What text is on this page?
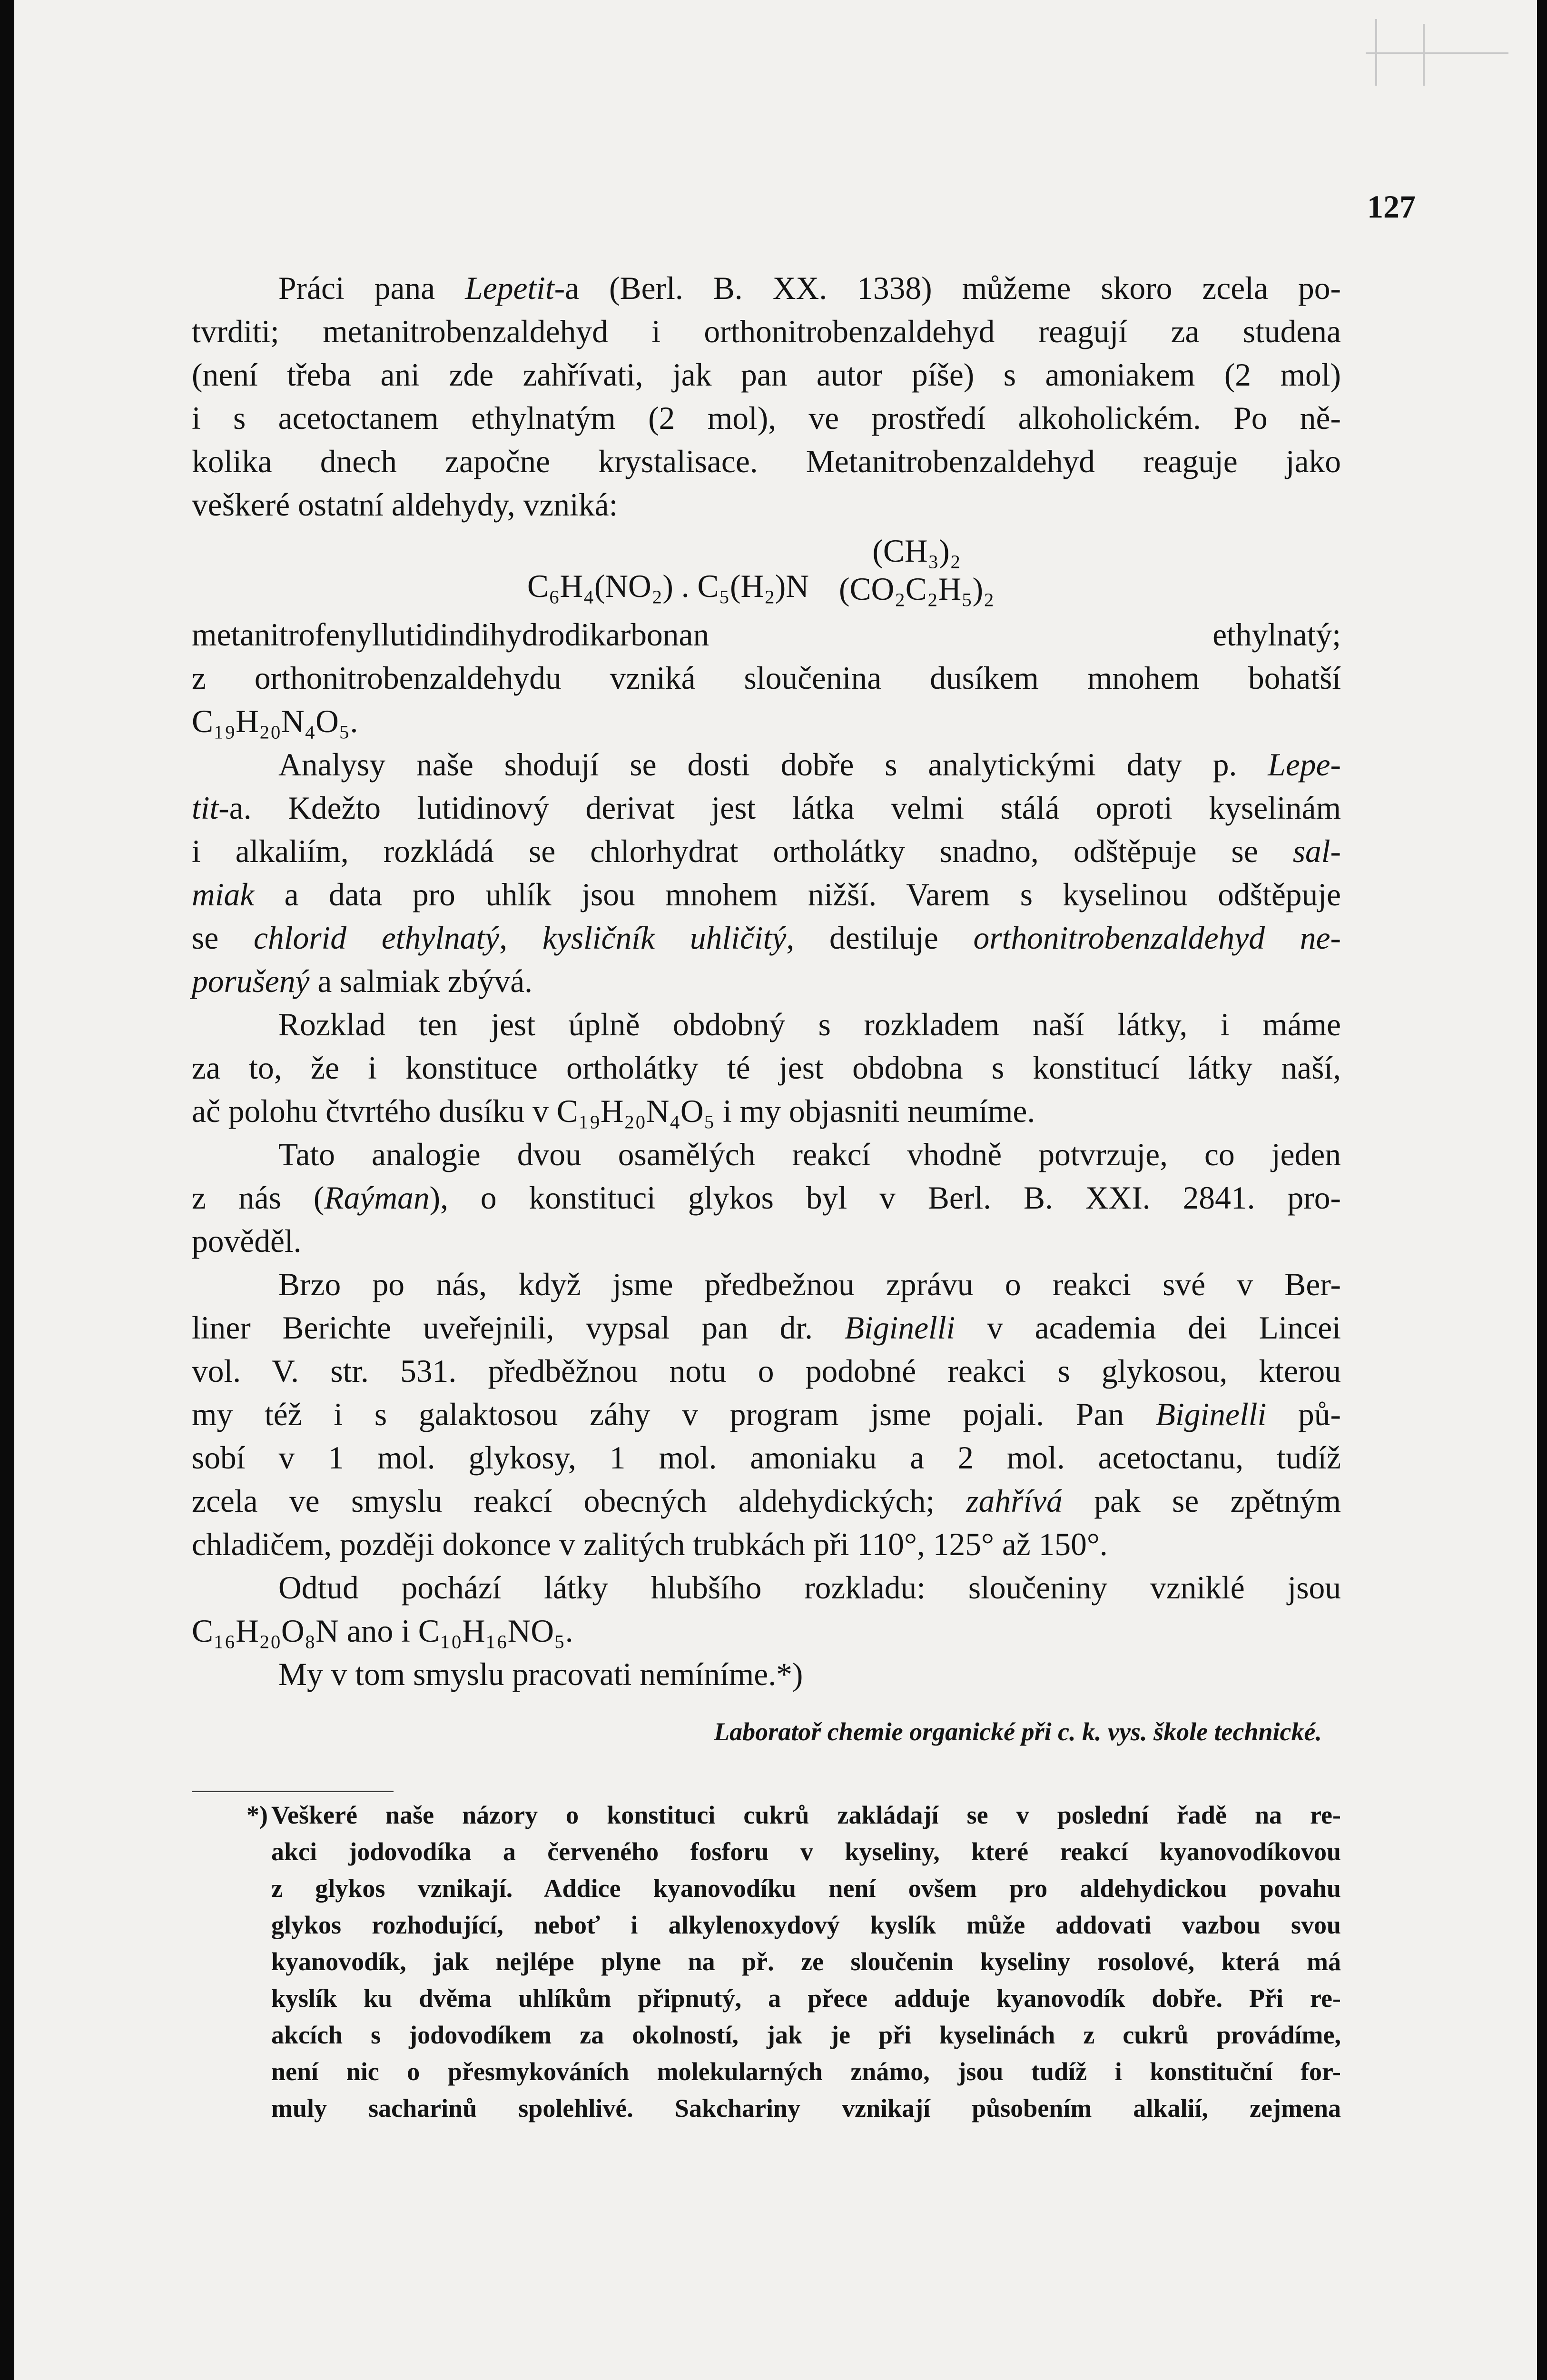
127

Práci pana Lepetit-a (Berl. B. XX. 1338) můžeme skoro zcela po-

tvrditi; metanitrobenzaldehyd i orthonitrobenzaldehyd reagují za studena

(není třeba ani zde zahřívati, jak pan autor píše) s amoniakem (2 mol)

i s acetoctanem ethylnatým (2 mol), ve prostředí alkoholickém. Po ně-

kolika dnech započne krystalisace. Metanitrobenzaldehyd reaguje jako

veškeré ostatní aldehydy, vzniká:

C₆H₄(NO₂) . C₅(H₂)N
(CH₃)₂
(CO₂C₂H₅)₂

metanitrofenyllutidindihydrodikarbonan ethylnatý;

z orthonitrobenzaldehydu vzniká sloučenina dusíkem mnohem bohatší

C₁₉H₂₀N₄O₅.

Analysy naše shodují se dosti dobře s analytickými daty p. Lepe-

tit-a. Kdežto lutidinový derivat jest látka velmi stálá oproti kyselinám

i alkaliím, rozkládá se chlorhydrat ortholátky snadno, odštěpuje se sal-

miak a data pro uhlík jsou mnohem nižší. Varem s kyselinou odštěpuje

se chlorid ethylnatý, kysličník uhličitý, destiluje orthonitrobenzaldehyd ne-

porušený a salmiak zbývá.

Rozklad ten jest úplně obdobný s rozkladem naší látky, i máme

za to, že i konstituce ortholátky té jest obdobna s konstitucí látky naší,

ač polohu čtvrtého dusíku v C₁₉H₂₀N₄O₅ i my objasniti neumíme.

Tato analogie dvou osamělých reakcí vhodně potvrzuje, co jeden

z nás (Raýman), o konstituci glykos byl v Berl. B. XXI. 2841. pro-

pověděl.

Brzo po nás, když jsme předbežnou zprávu o reakci své v Ber-

liner Berichte uveřejnili, vypsal pan dr. Biginelli v academia dei Lincei

vol. V. str. 531. předběžnou notu o podobné reakci s glykosou, kterou

my též i s galaktosou záhy v program jsme pojali. Pan Biginelli pů-

sobí v 1 mol. glykosy, 1 mol. amoniaku a 2 mol. acetoctanu, tudíž

zcela ve smyslu reakcí obecných aldehydických; zahřívá pak se zpětným

chladičem, později dokonce v zalitých trubkách při 110°, 125° až 150°.

Odtud pochází látky hlubšího rozkladu: sloučeniny vzniklé jsou

C₁₆H₂₀O₈N ano i C₁₀H₁₆NO₅.

My v tom smyslu pracovati nemíníme.*)

Laboratoř chemie organické při c. k. vys. škole technické.
*) Veškeré naše názory o konstituci cukrů zakládají se v poslední řadě na re-

akci jodovodíka a červeného fosforu v kyseliny, které reakcí kyanovodíkovou

z glykos vznikají. Addice kyanovodíku není ovšem pro aldehydickou povahu

glykos rozhodující, neboť i alkylenoxydový kyslík může addovati vazbou svou

kyanovodík, jak nejlépe plyne na př. ze sloučenin kyseliny rosolové, která má

kyslík ku dvěma uhlíkům připnutý, a přece adduje kyanovodík dobře. Při re-

akcích s jodovodíkem za okolností, jak je při kyselinách z cukrů provádíme,

není nic o přesmykováních molekularných známo, jsou tudíž i konstituční for-

muly sacharinů spolehlivé. Sakchariny vznikají působením alkalií, zejmena
